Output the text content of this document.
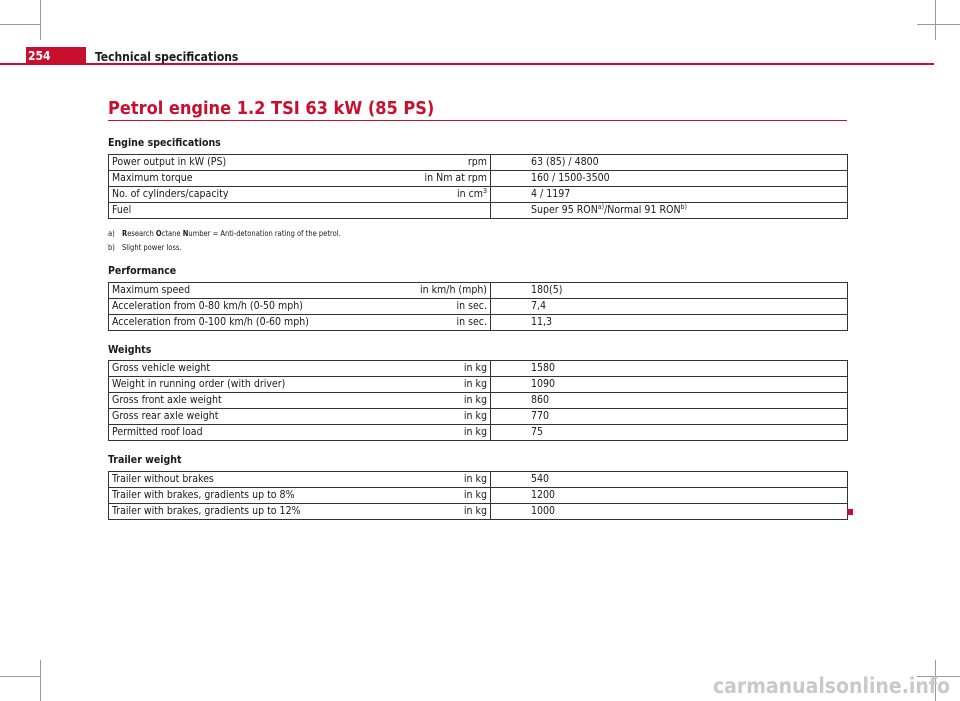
254	Technical specifications
Petrol engine 1.2 TSI 63 kW (85 PS)
Engine specifications
Power output in kW (PS)	rpm	63 (85) / 4800
Maximum torque	in Nm at rpm	160 / 1500-3500
No. of cylinders/capacity	in $cm^3$	4 / 1197
Fuel		Super 95 RON$^{a)}$/Normal 91 RON$^{b)}$
a) Research Octane Number = Anti-detonation rating of the petrol.
b) Slight power loss.
Performance
Maximum speed	in km/h (mph)	180(5)
Acceleration from 0-80 km/h (0-50 mph)	in sec.	7,4
Acceleration from 0-100 km/h (0-60 mph)	in sec.	11,3
Weights
Gross vehicle weight	in kg	1580
Weight in running order (with driver)	in kg	1090
Gross front axle weight	in kg	860
Gross rear axle weight	in kg	770
Permitted roof load	in kg	75
Trailer weight
Trailer without brakes	in kg	540
Trailer with brakes, gradients up to 8%	in kg	1200
Trailer with brakes, gradients up to 12%	in kg	1000
carmanualsonline.info
